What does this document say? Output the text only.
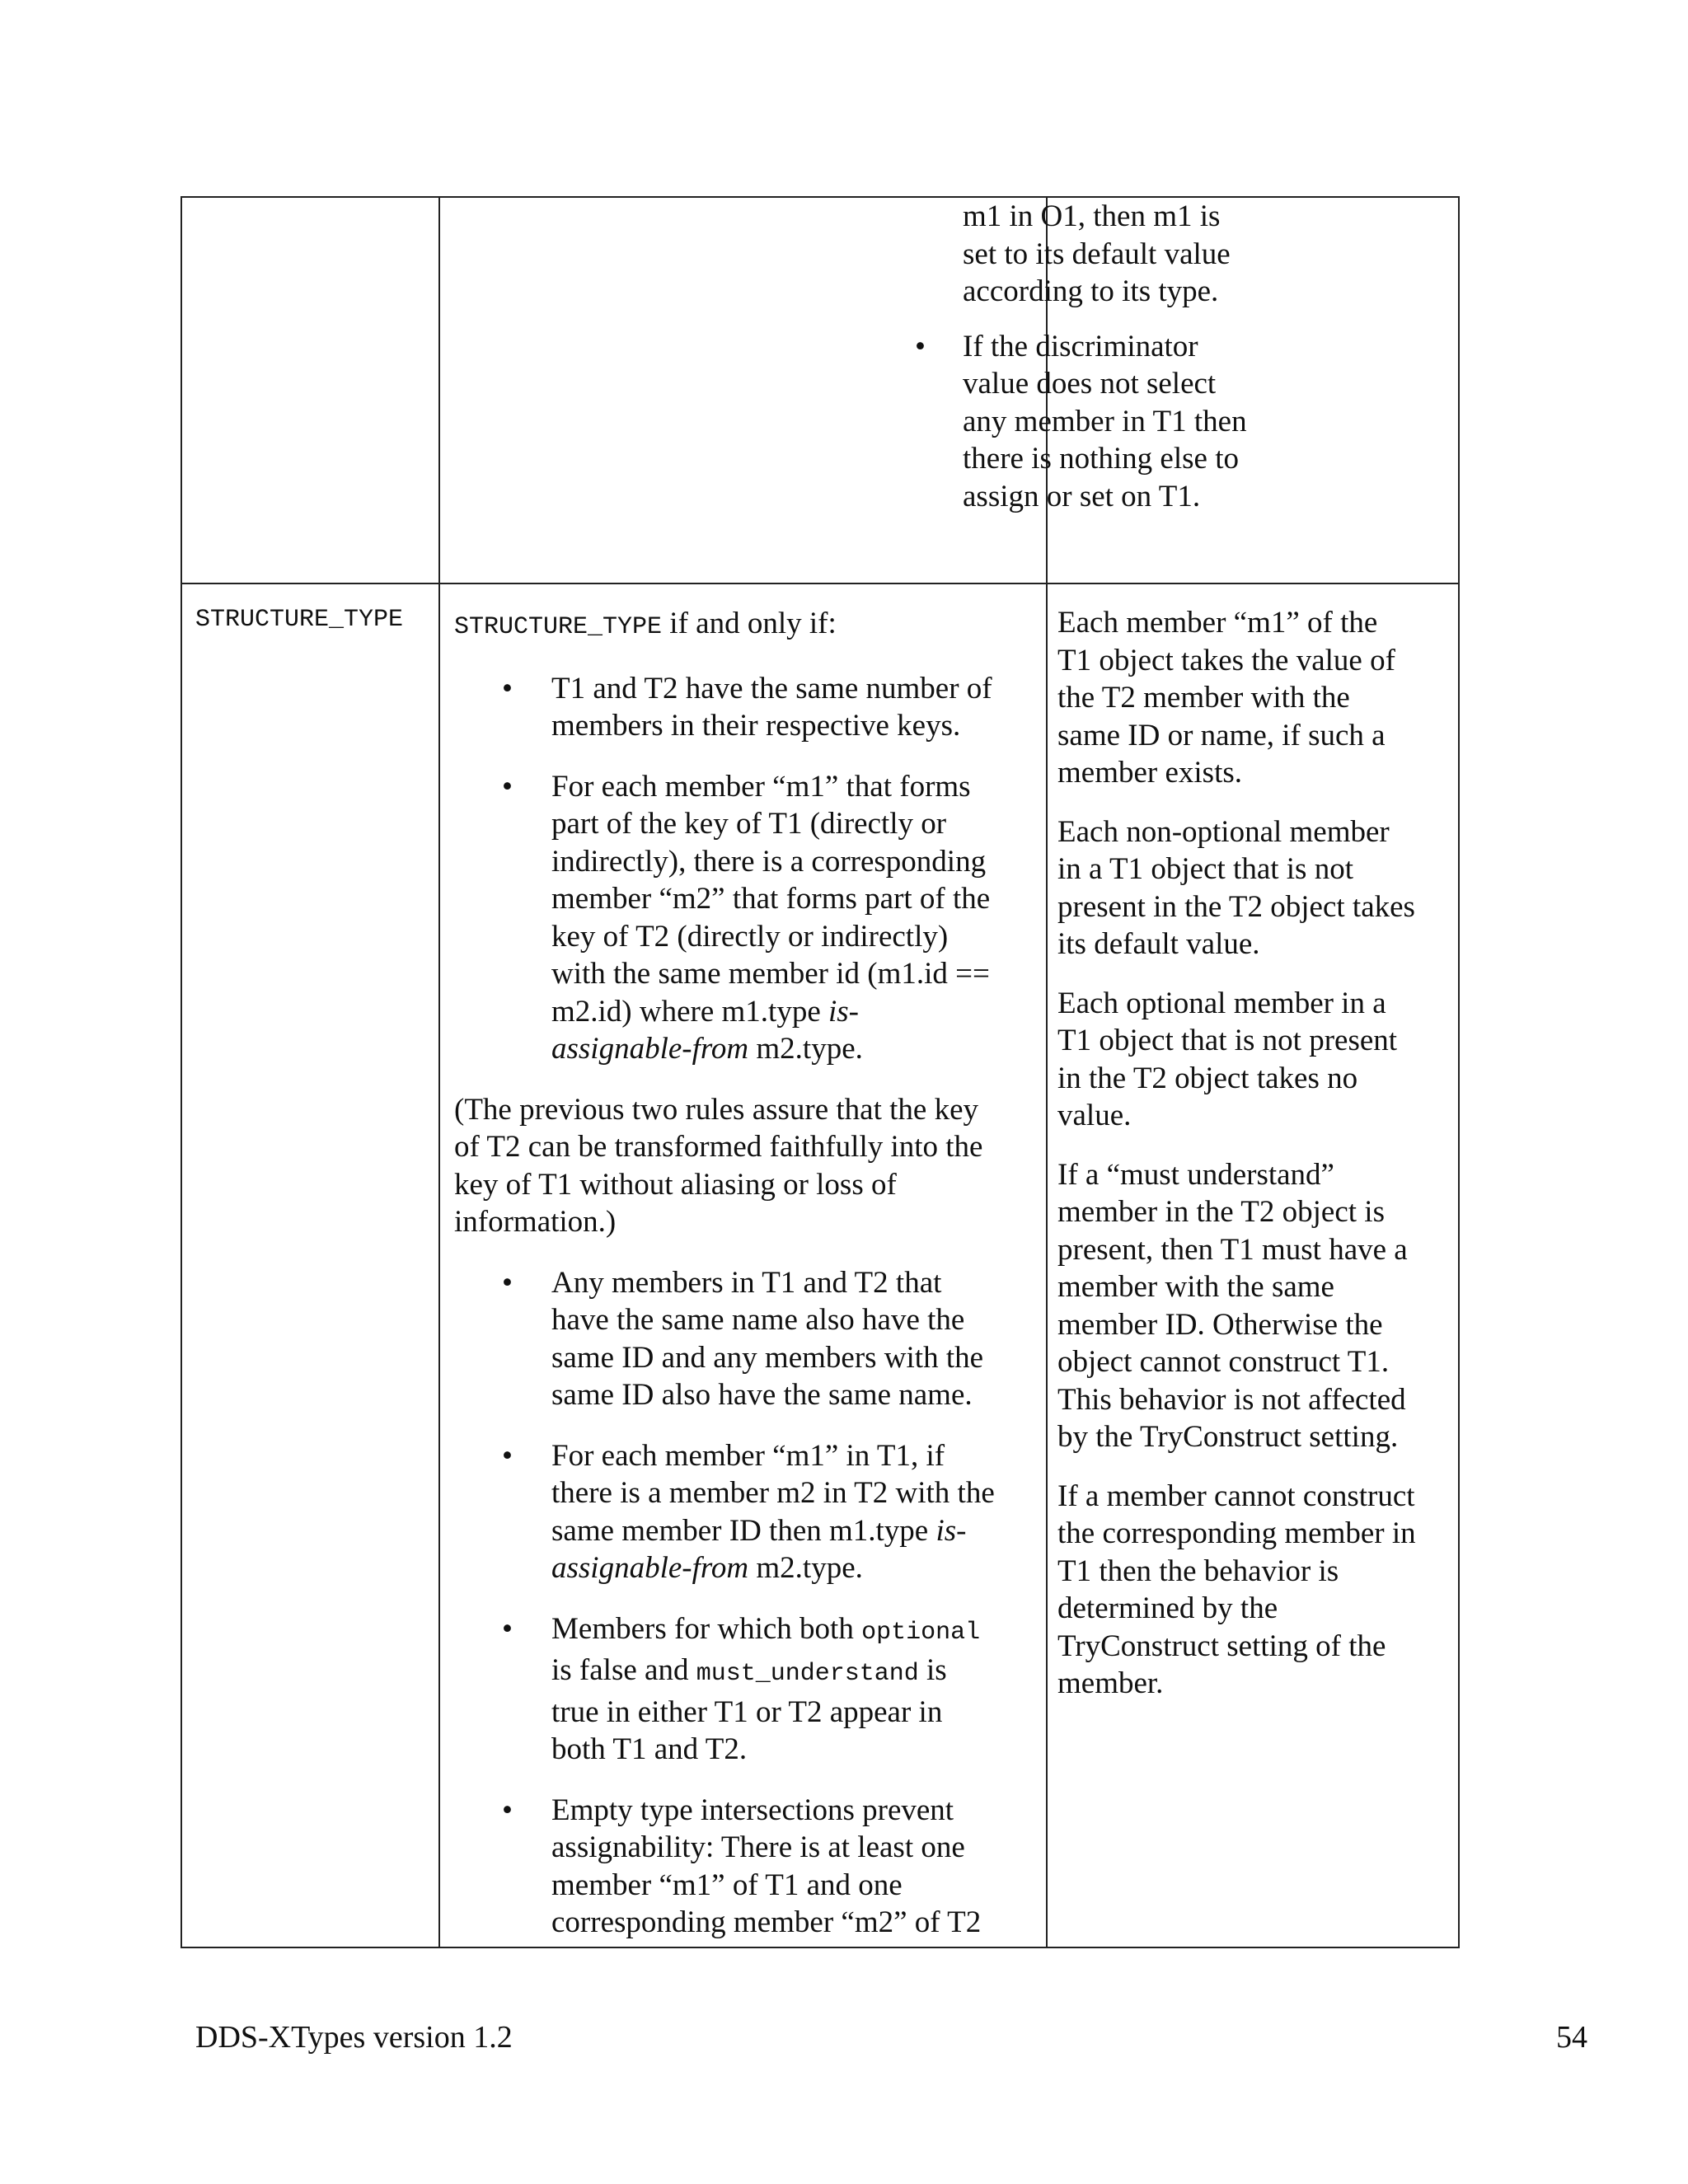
m1 in O1, then m1 is

set to its default value

according to its type.

•	If the discriminator

value does not select

any member in T1 then

there is nothing else to

assign or set on T1.

STRUCTURE_TYPE STRUCTURE_TYPE if and only if:

• T1 and T2 have the same number of
members in their respective keys.
• For each member “m1” that forms
part of the key of T1 (directly or
indirectly), there is a corresponding
member “m2” that forms part of the
key of T2 (directly or indirectly)
with the same member id (m1.id ==
m2.id) where m1.type is-
assignable-from m2.type.
(The previous two rules assure that the key
of T2 can be transformed faithfully into the
key of T1 without aliasing or loss of
information.)
• Any members in T1 and T2 that
have the same name also have the
same ID and any members with the
same ID also have the same name.
• For each member “m1” in T1, if
there is a member m2 in T2 with the
same member ID then m1.type is-
assignable-from m2.type.
• Members for which both optional
is false and must_understand is
true in either T1 or T2 appear in
both T1 and T2.
• Empty type intersections prevent
assignability: There is at least one
member “m1” of T1 and one
corresponding member “m2” of T2

Each member “m1” of the
T1 object takes the value of
the T2 member with the
same ID or name, if such a
member exists.

Each non-optional member
in a T1 object that is not
present in the T2 object takes
its default value.

Each optional member in a
T1 object that is not present
in the T2 object takes no
value.

If a “must understand”
member in the T2 object is
present, then T1 must have a
member with the same
member ID. Otherwise the
object cannot construct T1.
This behavior is not affected
by the TryConstruct setting.

If a member cannot construct
the corresponding member in
T1 then the behavior is
determined by the
TryConstruct setting of the
member.

DDS-XTypes version 1.2	54
